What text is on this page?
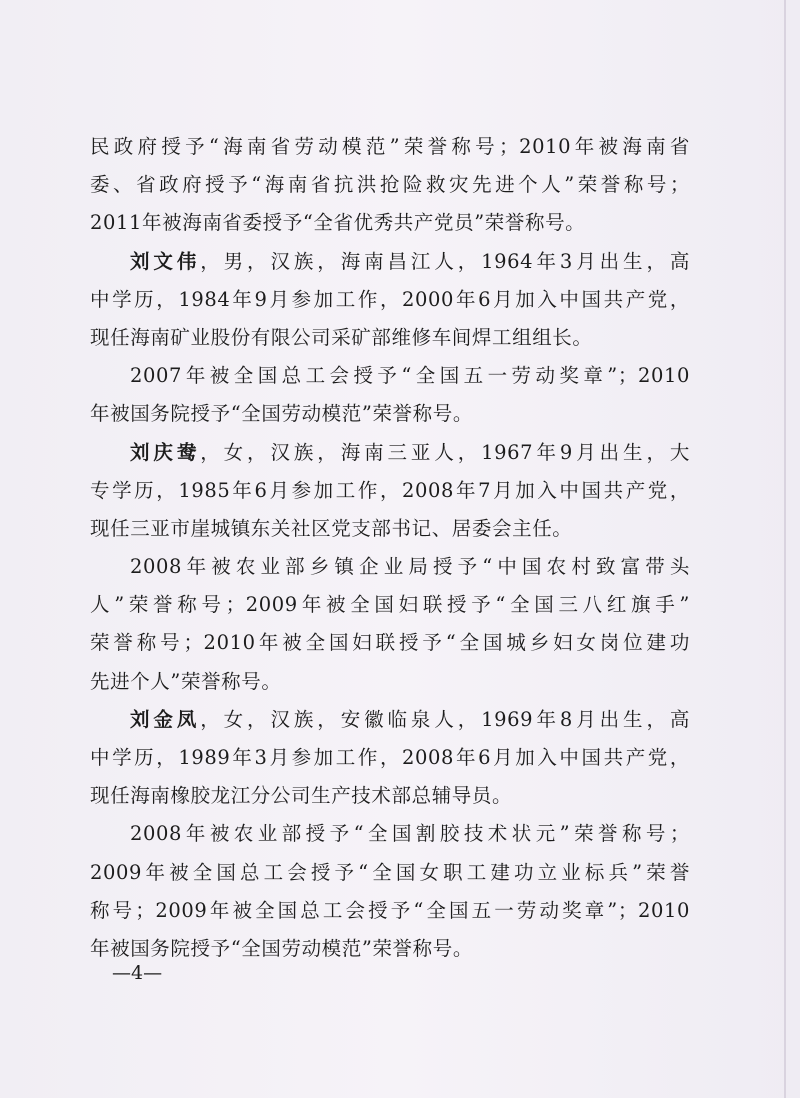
民政府授予“海南省劳动模范”荣誉称号；2010年被海南省
委、省政府授予“海南省抗洪抢险救灾先进个人”荣誉称号；
2011年被海南省委授予“全省优秀共产党员”荣誉称号。
刘文伟，男，汉族，海南昌江人，1964年3月出生，高
中学历，1984年9月参加工作，2000年6月加入中国共产党，
现任海南矿业股份有限公司采矿部维修车间焊工组组长。
2007年被全国总工会授予“全国五一劳动奖章”；2010
年被国务院授予“全国劳动模范”荣誉称号。
刘庆鸯，女，汉族，海南三亚人，1967年9月出生，大
专学历，1985年6月参加工作，2008年7月加入中国共产党，
现任三亚市崖城镇东关社区党支部书记、居委会主任。
2008年被农业部乡镇企业局授予“中国农村致富带头
人”荣誉称号；2009年被全国妇联授予“全国三八红旗手”
荣誉称号；2010年被全国妇联授予“全国城乡妇女岗位建功
先进个人”荣誉称号。
刘金凤，女，汉族，安徽临泉人，1969年8月出生，高
中学历，1989年3月参加工作，2008年6月加入中国共产党，
现任海南橡胶龙江分公司生产技术部总辅导员。
2008年被农业部授予“全国割胶技术状元”荣誉称号；
2009年被全国总工会授予“全国女职工建功立业标兵”荣誉
称号；2009年被全国总工会授予“全国五一劳动奖章”；2010
年被国务院授予“全国劳动模范”荣誉称号。
—4—
